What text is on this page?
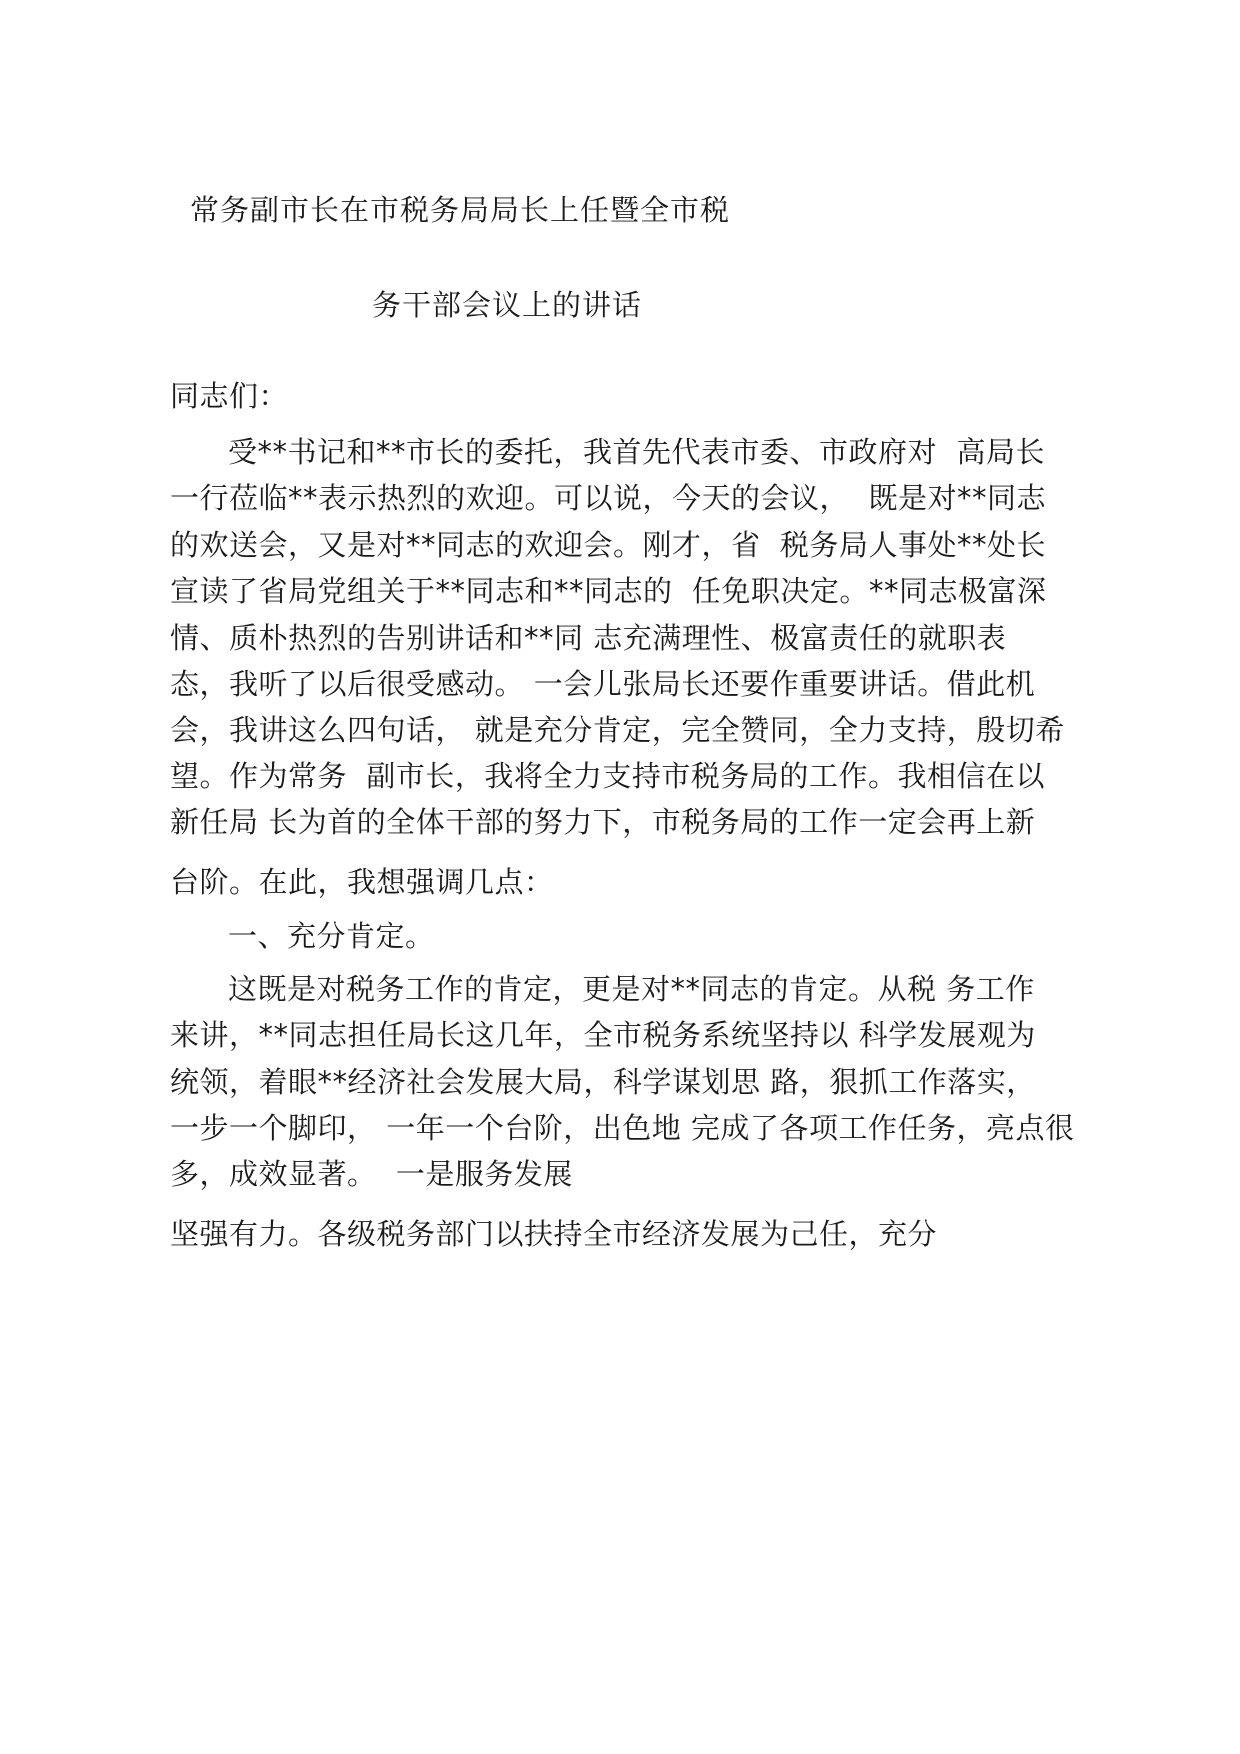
常务副市长在市税务局局长上任暨全市税
务干部会议上的讲话
同志们：
受**书记和**市长的委托，我首先代表市委、市政府对  高局长
一行莅临**表示热烈的欢迎。可以说，今天的会议，  既是对**同志
的欢送会，又是对**同志的欢迎会。刚才，省  税务局人事处**处长
宣读了省局党组关于**同志和**同志的  任免职决定。**同志极富深
情、质朴热烈的告别讲话和**同 志充满理性、极富责任的就职表
态，我听了以后很受感动。 一会儿张局长还要作重要讲话。借此机
会，我讲这么四句话， 就是充分肯定，完全赞同，全力支持，殷切希
望。作为常务  副市长，我将全力支持市税务局的工作。我相信在以
新任局 长为首的全体干部的努力下，市税务局的工作一定会再上新
台阶。在此，我想强调几点：
一、充分肯定。
这既是对税务工作的肯定，更是对**同志的肯定。从税 务工作
来讲，**同志担任局长这几年，全市税务系统坚持以 科学发展观为
统领，着眼**经济社会发展大局，科学谋划思 路，狠抓工作落实，
一步一个脚印， 一年一个台阶，出色地 完成了各项工作任务，亮点很
多，成效显著。  一是服务发展
坚强有力。各级税务部门以扶持全市经济发展为己任，充分
